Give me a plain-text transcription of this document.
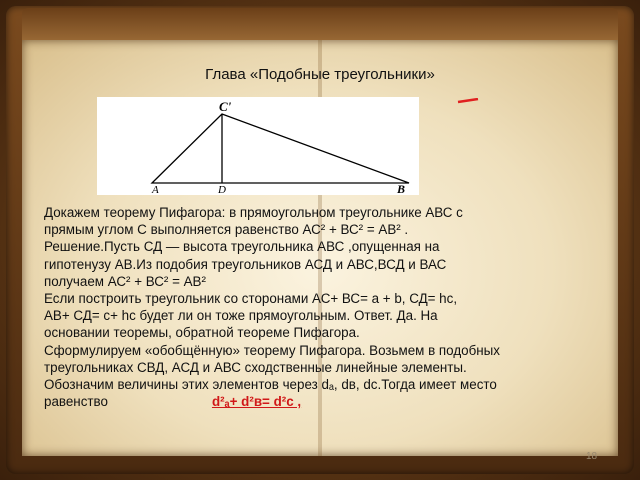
Глава «Подобные треугольники»
C'
A	D	B

Докажем теорему Пифагора: в прямоугольном треугольнике АВС с

прямым углом С выполняется равенство АС² + ВС² = АВ² .

Решение.Пусть СД — высота треугольника АВС ,опущенная на

гипотенузу АВ.Из подобия треугольников АСД и АВС,ВСД и ВАС

получаем АС² + ВС² = АВ²

Если построить треугольник со сторонами АС+ ВС= а + b, СД= hc,

АВ+ СД= c+ hc будет ли он тоже прямоугольным. Ответ. Да. На

основании теоремы, обратной теореме Пифагора.

Сформулируем «обобщённую» теорему Пифагора. Возьмем в подобных

треугольниках СВД, АСД и АВС сходственные линейные элементы.

Обозначим величины этих элементов через dₐ, dв, dc.Тогда имеет место

равенство	d²ₐ+ d²в= d²c ,

18
